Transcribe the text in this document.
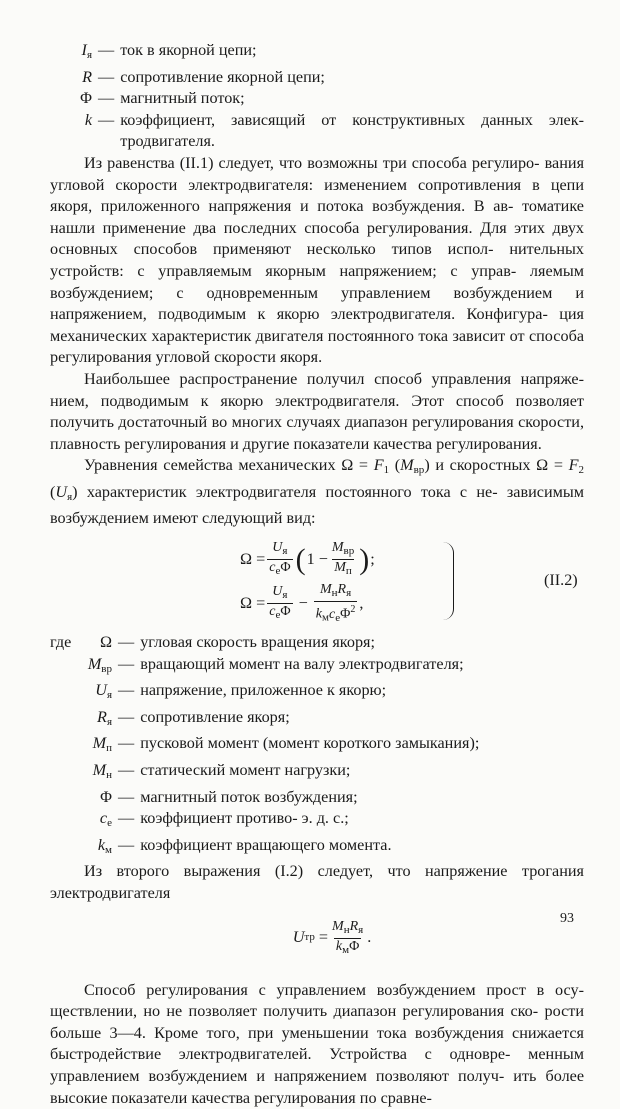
$I_я$ — ток в якорной цепи;
R — сопротивление якорной цепи;
Φ — магнитный поток;
k — коэффициент, зависящий от конструктивных данных элек-
тродвигателя.

Из равенства (II.1) следует, что возможны три способа регулиро- вания угловой скорости электродвигателя: изменением сопротивления в цепи якоря, приложенного напряжения и потока возбуждения. В ав- томатике нашли применение два последних способа регулирования. Для этих двух основных способов применяют несколько типов испол- нительных устройств: с управляемым якорным напряжением; с управ- ляемым возбуждением; с одновременным управлением возбуждением и напряжением, подводимым к якорю электродвигателя. Конфигура- ция механических характеристик двигателя постоянного тока зависит от способа регулирования угловой скорости якоря.

Наибольшее распространение получил способ управления напряже- нием, подводимым к якорю электродвигателя. Этот способ позволяет получить достаточный во многих случаях диапазон регулирования скорости, плавность регулирования и другие показатели качества регулирования.

Уравнения семейства механических $\Omega = F_1$ $(M_{вр})$ и скоростных $\Omega = F_2$ $(U_я)$ характеристик электродвигателя постоянного тока с не- зависимым возбуждением имеют следующий вид:

$\Omega = \frac{U_я}{c_e\Phi}$ ( $1 - \frac{M_{вр}}{M_п}$ ) ;
$\Omega = \frac{U_я}{c_e\Phi} - \frac{M_нR_я}{k_мc_e\Phi^2}$ ,
(II.2)
где	Ω — угловая скорость вращения якоря;
$M_{вр}$ — вращающий момент на валу электродвигателя;
$U_я$ — напряжение, приложенное к якорю;
$R_я$ — сопротивление якоря;
$M_п$ — пусковой момент (момент короткого замыкания);
$M_н$ — статический момент нагрузки;
Φ — магнитный поток возбуждения;
$c_e$ — коэффициент противо- э. д. с.;
$k_м$ — коэффициент вращающего момента.

Из второго выражения (I.2) следует, что напряжение трогания электродвигателя

U тр = $\frac{M_нR_я}{k_м\Phi}$ .

Способ регулирования с управлением возбуждением прост в осу- ществлении, но не позволяет получить диапазон регулирования ско- рости больше 3—4. Кроме того, при уменьшении тока возбуждения снижается быстродействие электродвигателей. Устройства с одновре- менным управлением возбуждением и напряжением позволяют получ- ить более высокие показатели качества регулирования по сравне-

93
